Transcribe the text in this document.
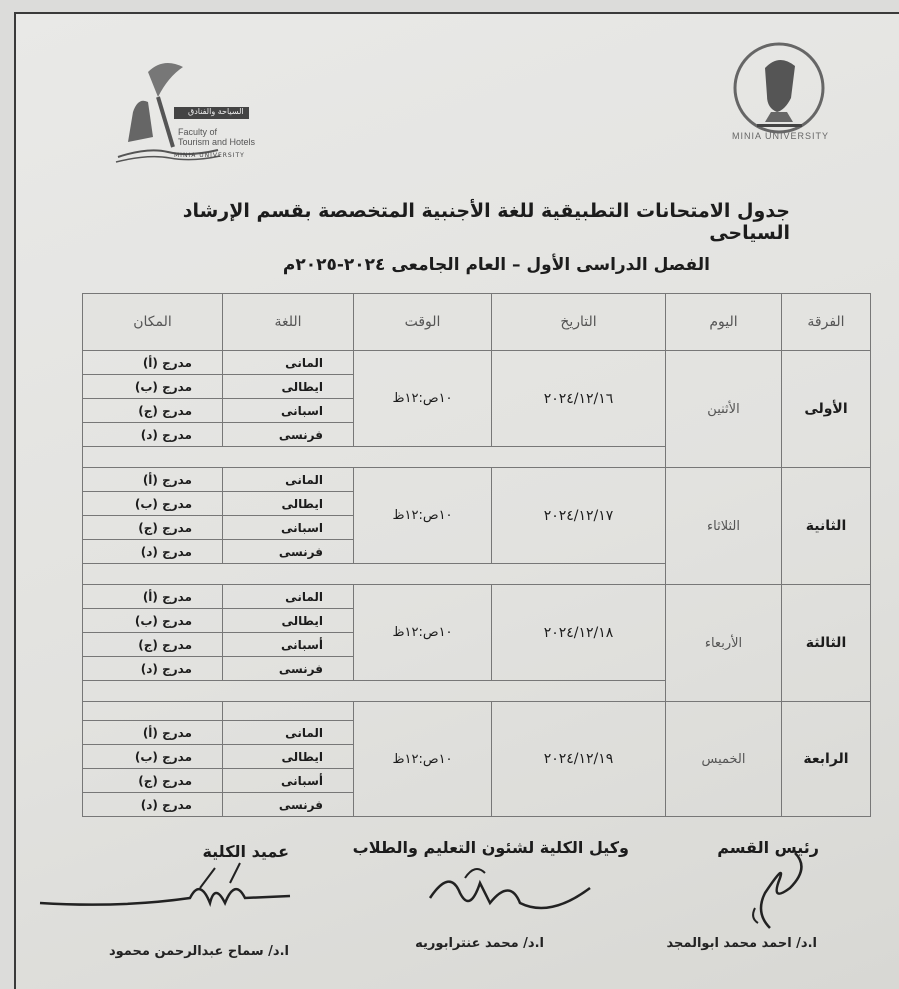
السياحة والفنادق
Faculty of
Tourism and Hotels
MINIA UNIVERSITY
MINIA UNIVERSITY
جدول الامتحانات التطبيقية للغة الأجنبية المتخصصة بقسم الإرشاد السياحى
الفصل الدراسى الأول – العام الجامعى ٢٠٢٤-٢٠٢٥م
الفرقة	اليوم	التاريخ	الوقت	اللغة	المكان
الأولى	الأثنين	٢٠٢٤/١٢/١٦	١٠ص:١٢ظ	المانى	مدرج (أ)
				ايطالى	مدرج (ب)
				اسبانى	مدرج (ج)
				فرنسى	مدرج (د)

الثانية	الثلاثاء	٢٠٢٤/١٢/١٧	١٠ص:١٢ظ	المانى	مدرج (أ)
				ايطالى	مدرج (ب)
				اسبانى	مدرج (ج)
				فرنسى	مدرج (د)

الثالثة	الأربعاء	٢٠٢٤/١٢/١٨	١٠ص:١٢ظ	المانى	مدرج (أ)
				ايطالى	مدرج (ب)
				أسبانى	مدرج (ج)
				فرنسى	مدرج (د)

الرابعة	الخميس	٢٠٢٤/١٢/١٩	١٠ص:١٢ظ		
				المانى	مدرج (أ)
				ايطالى	مدرج (ب)
				أسبانى	مدرج (ج)
				فرنسى	مدرج (د)
رئيس القسم
وكيل الكلية لشئون التعليم والطلاب
عميد الكلية
ا.د/ احمد محمد ابوالمجد
ا.د/ محمد عنترابوريه
ا.د/ سماح عبدالرحمن محمود
